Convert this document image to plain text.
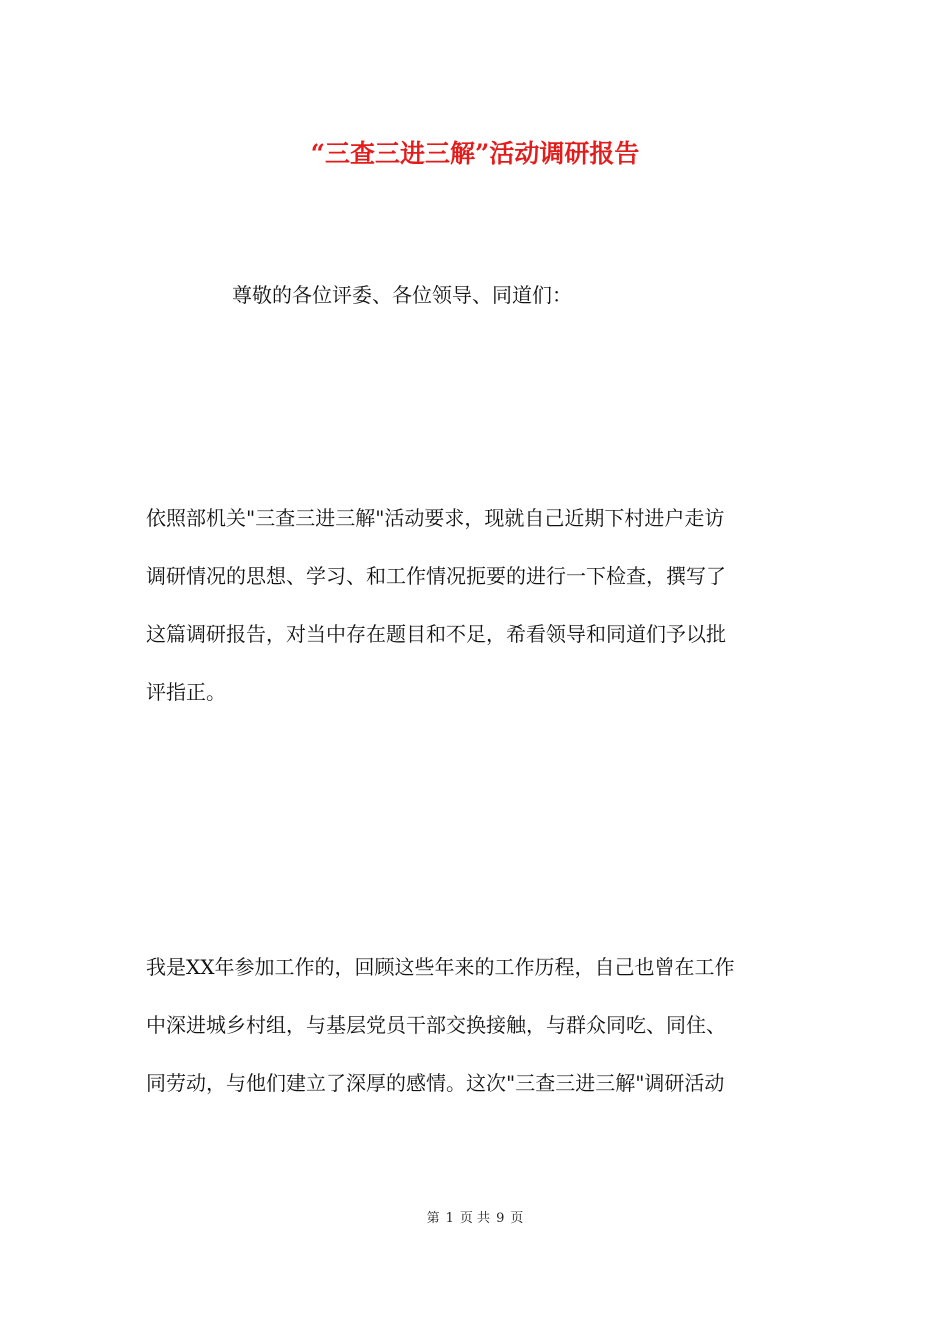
“三查三进三解”活动调研报告
尊敬的各位评委、各位领导、同道们：
依照部机关"三查三进三解"活动要求，现就自己近期下村进户走访
调研情况的思想、学习、和工作情况扼要的进行一下检查，撰写了
这篇调研报告，对当中存在题目和不足，希看领导和同道们予以批
评指正。
我是XX年参加工作的，回顾这些年来的工作历程，自己也曾在工作
中深进城乡村组，与基层党员干部交换接触，与群众同吃、同住、
同劳动，与他们建立了深厚的感情。这次"三查三进三解"调研活动
第 1 页 共 9 页
